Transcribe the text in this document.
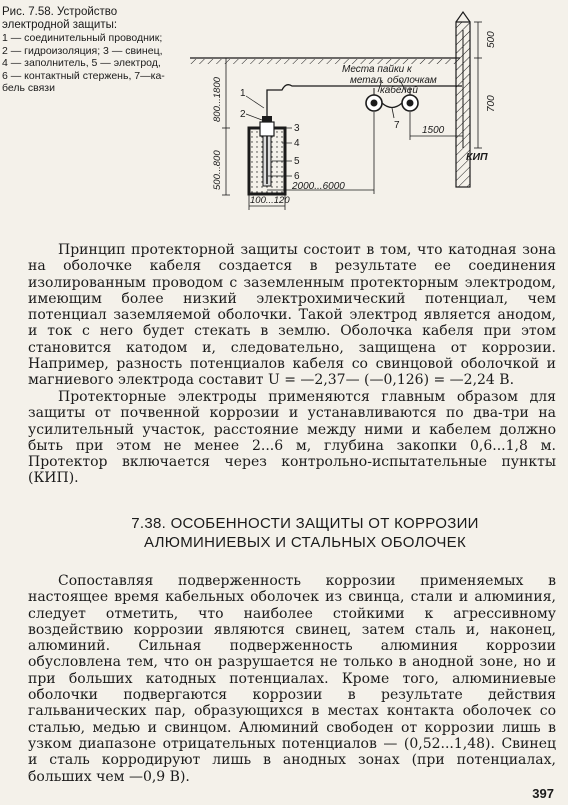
Рис. 7.58. Устройство электродной защиты:
1 — соединительный проводник;
2 — гидроизоляция; 3 — свинец,
4 — заполнитель, 5 — электрод,
6 — контактный стержень, 7—ка-
бель связи
500
700
Места пайки к
метал. оболочкам
кабелей
1500
800...1800
500...800
1
2
3
4
5
6
7
2000...6000
100...120
КИП

Принцип протекторной защиты состоит в том, что катодная зона на оболочке кабеля создается в результате ее соединения изолированным проводом с заземленным протекторным электродом, имеющим более низкий электрохимический потенциал, чем потенциал заземляемой оболочки. Такой электрод является анодом, и ток с него будет стекать в землю. Оболочка кабеля при этом становится катодом и, следовательно, защищена от коррозии. Например, разность потенциалов кабеля со свинцовой оболочкой и магниевого электрода составит U = —2,37— (—0,126) = —2,24 В.

Протекторные электроды применяются главным образом для защиты от почвенной коррозии и устанавливаются по два-три на усилительный участок, расстояние между ними и кабелем должно быть при этом не менее 2...6 м, глубина закопки 0,6...1,8 м. Протектор включается через контрольно-испытательные пункты (КИП).

7.38. ОСОБЕННОСТИ ЗАЩИТЫ ОТ КОРРОЗИИ
АЛЮМИНИЕВЫХ И СТАЛЬНЫХ ОБОЛОЧЕК

Сопоставляя подверженность коррозии применяемых в настоящее время кабельных оболочек из свинца, стали и алюминия, следует отметить, что наиболее стойкими к агрессивному воздействию коррозии являются свинец, затем сталь и, наконец, алюминий. Сильная подверженность алюминия коррозии обусловлена тем, что он разрушается не только в анодной зоне, но и при больших катодных потенциалах. Кроме того, алюминиевые оболочки подвергаются коррозии в результате действия гальванических пар, образующихся в местах контакта оболочек со сталью, медью и свинцом. Алюминий свободен от коррозии лишь в узком диапазоне отрицательных потенциалов — (0,52...1,48). Свинец и сталь корродируют лишь в анодных зонах (при потенциалах, больших чем —0,9 В).

397
